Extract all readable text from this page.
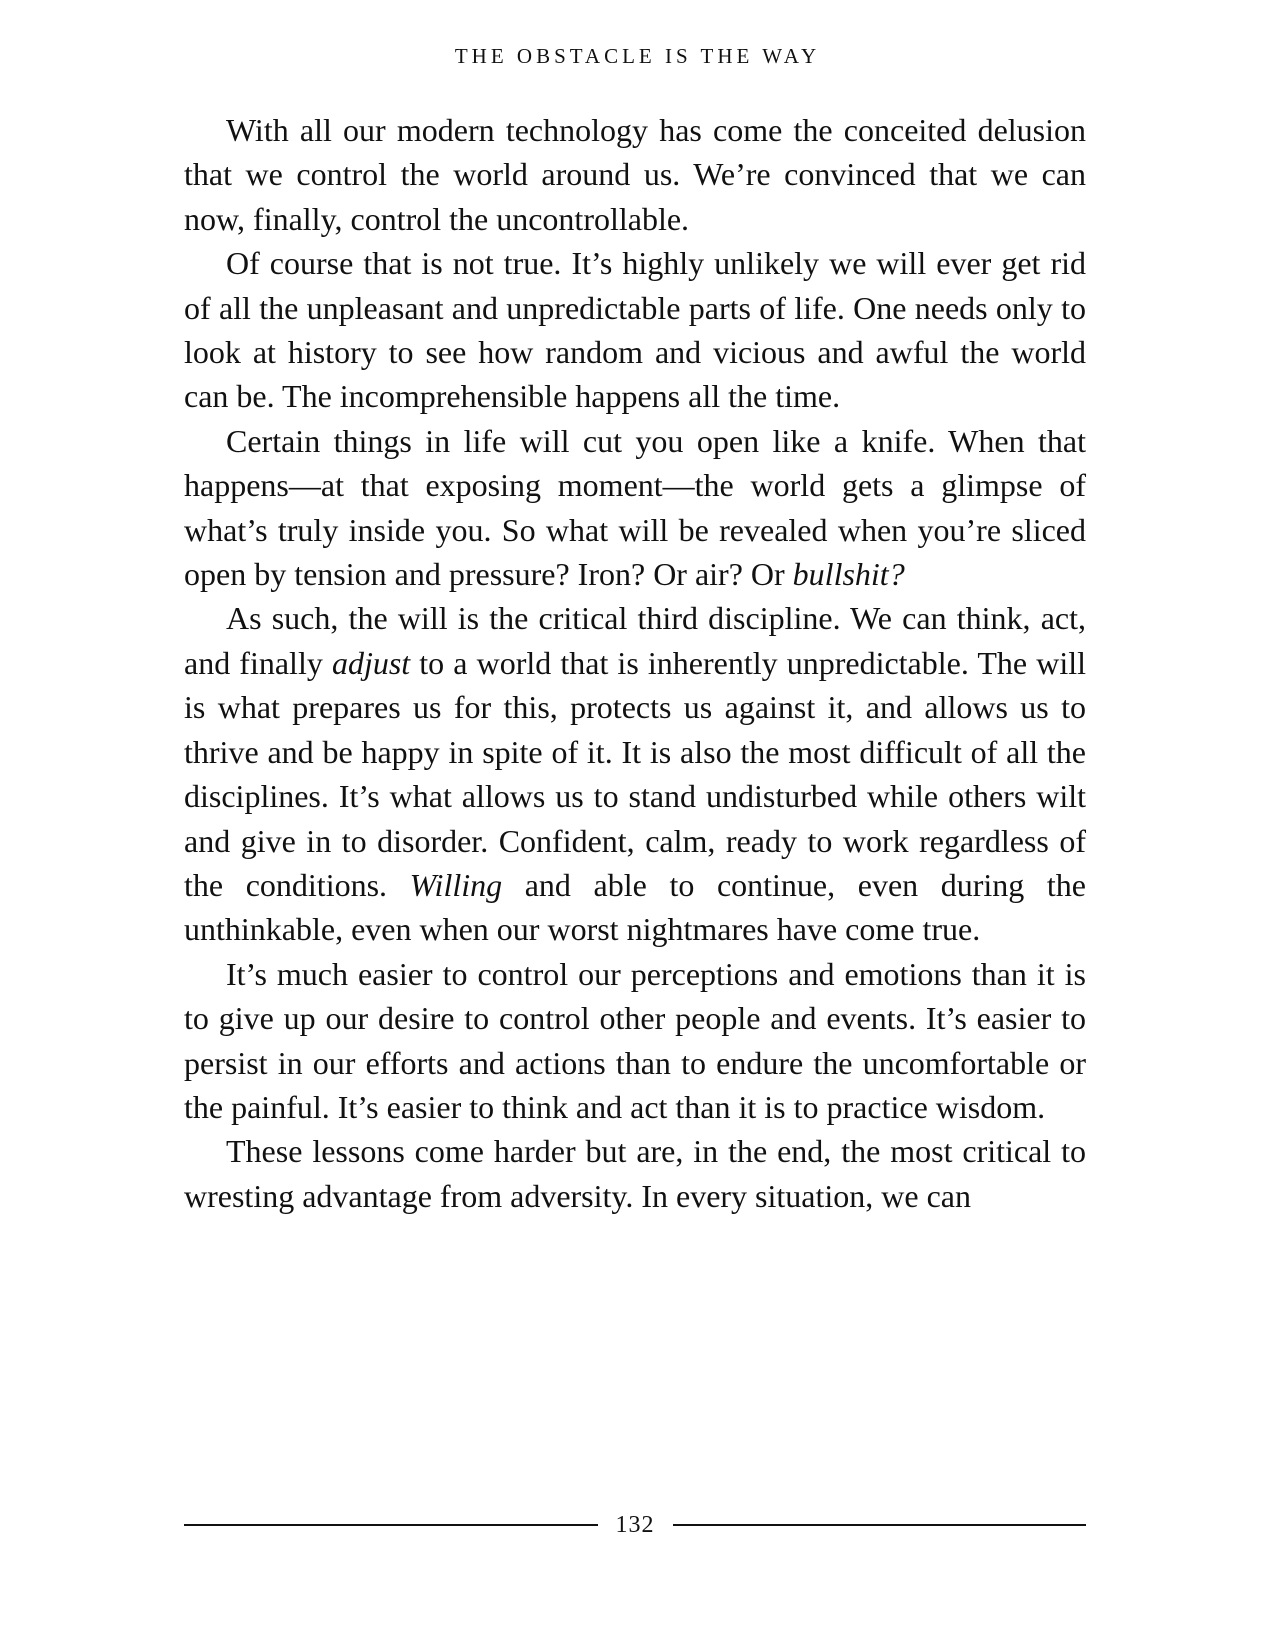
THE OBSTACLE IS THE WAY

With all our modern technology has come the conceited delusion that we control the world around us. We’re convinced that we can now, finally, control the uncontrollable.

Of course that is not true. It’s highly unlikely we will ever get rid of all the unpleasant and unpredictable parts of life. One needs only to look at history to see how random and vicious and awful the world can be. The incomprehensible happens all the time.

Certain things in life will cut you open like a knife. When that happens—at that exposing moment—the world gets a glimpse of what’s truly inside you. So what will be revealed when you’re sliced open by tension and pressure? Iron? Or air? Or bullshit?

As such, the will is the critical third discipline. We can think, act, and finally adjust to a world that is inherently unpredictable. The will is what prepares us for this, protects us against it, and allows us to thrive and be happy in spite of it. It is also the most difficult of all the disciplines. It’s what allows us to stand undisturbed while others wilt and give in to disorder. Confident, calm, ready to work regardless of the conditions. Willing and able to continue, even during the unthinkable, even when our worst nightmares have come true.

It’s much easier to control our perceptions and emotions than it is to give up our desire to control other people and events. It’s easier to persist in our efforts and actions than to endure the uncomfortable or the painful. It’s easier to think and act than it is to practice wisdom.

These lessons come harder but are, in the end, the most critical to wresting advantage from adversity. In every situation, we can

132
